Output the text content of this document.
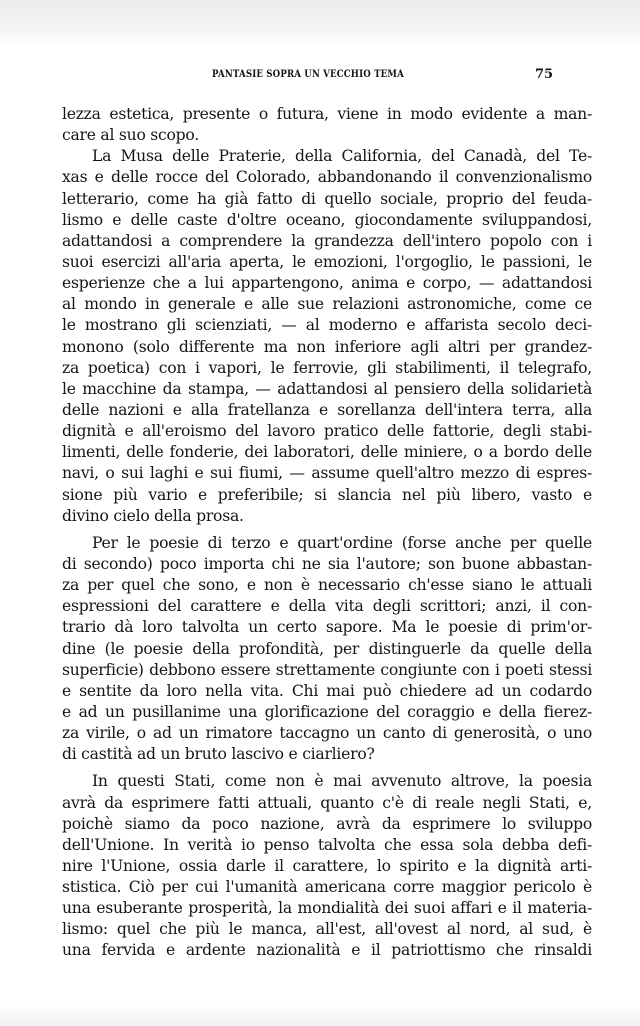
PANTASIE SOPRA UN VECCHIO TEMA	75
lezza estetica, presente o futura, viene in modo evidente a man-
care al suo scopo.
La Musa delle Praterie, della California, del Canadà, del Te-
xas e delle rocce del Colorado, abbandonando il convenzionalismo
letterario, come ha già fatto di quello sociale, proprio del feuda-
lismo e delle caste d'oltre oceano, giocondamente sviluppandosi,
adattandosi a comprendere la grandezza dell'intero popolo con i
suoi esercizi all'aria aperta, le emozioni, l'orgoglio, le passioni, le
esperienze che a lui appartengono, anima e corpo, — adattandosi
al mondo in generale e alle sue relazioni astronomiche, come ce
le mostrano gli scienziati, — al moderno e affarista secolo deci-
monono (solo differente ma non inferiore agli altri per grandez-
za poetica) con i vapori, le ferrovie, gli stabilimenti, il telegrafo,
le macchine da stampa, — adattandosi al pensiero della solidarietà
delle nazioni e alla fratellanza e sorellanza dell'intera terra, alla
dignità e all'eroismo del lavoro pratico delle fattorie, degli stabi-
limenti, delle fonderie, dei laboratori, delle miniere, o a bordo delle
navi, o sui laghi e sui fiumi, — assume quell'altro mezzo di espres-
sione più vario e preferibile; si slancia nel più libero, vasto e
divino cielo della prosa.
Per le poesie di terzo e quart'ordine (forse anche per quelle
di secondo) poco importa chi ne sia l'autore; son buone abbastan-
za per quel che sono, e non è necessario ch'esse siano le attuali
espressioni del carattere e della vita degli scrittori; anzi, il con-
trario dà loro talvolta un certo sapore. Ma le poesie di prim'or-
dine (le poesie della profondità, per distinguerle da quelle della
superficie) debbono essere strettamente congiunte con i poeti stessi
e sentite da loro nella vita. Chi mai può chiedere ad un codardo
e ad un pusillanime una glorificazione del coraggio e della fierez-
za virile, o ad un rimatore taccagno un canto di generosità, o uno
di castità ad un bruto lascivo e ciarliero?
In questi Stati, come non è mai avvenuto altrove, la poesia
avrà da esprimere fatti attuali, quanto c'è di reale negli Stati, e,
poichè siamo da poco nazione, avrà da esprimere lo sviluppo
dell'Unione. In verità io penso talvolta che essa sola debba defi-
nire l'Unione, ossia darle il carattere, lo spirito e la dignità arti-
stistica. Ciò per cui l'umanità americana corre maggior pericolo è
una esuberante prosperità, la mondialità dei suoi affari e il materia-
lismo: quel che più le manca, all'est, all'ovest al nord, al sud, è
una fervida e ardente nazionalità e il patriottismo che rinsaldi
